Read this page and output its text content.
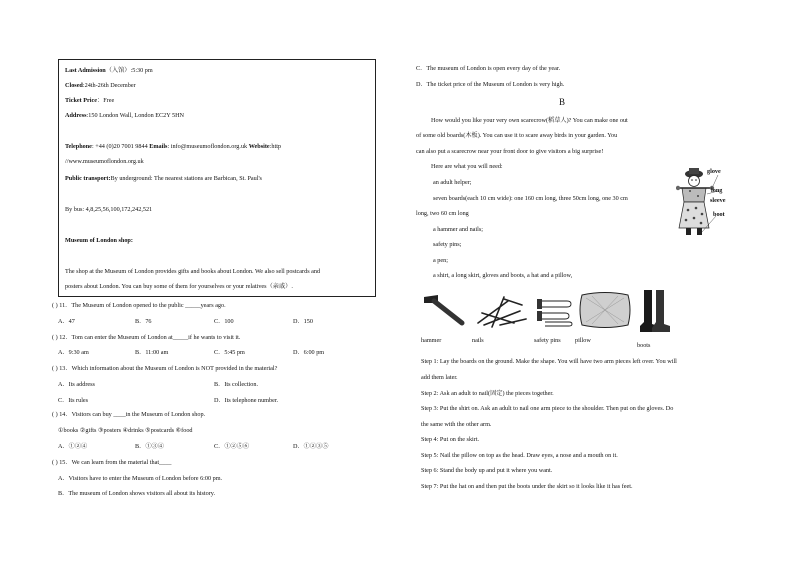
Last Admission（入馆）:5:30 pm
Closed:24th-26th December
Ticket Price：Free
Address:150 London Wall, London EC2Y 5HN
Telephone: +44 (0)20 7001 9844 Emails: info@museumoflondon.org.uk Website:http
//www.museumoflondon.org.uk
Public transport:By underground: The nearest stations are Barbican, St. Paul's
By bus: 4,8,25,56,100,172,242,521
Museum of London shop:
The shop at the Museum of London provides gifts and books about London. We also sell postcards and
posters about London. You can buy some of them for yourselves or your relatives（亲戚）.
( ) 11．The Museum of London opened to the public _____years ago.
A．47	B．76	C．100	D．150
( ) 12．Tom can enter the Museum of London at_____if he wants to visit it.
A．9:30 am	B．11:00 am	C．5:45 pm	D．6:00 pm
( ) 13．Which information about the Museum of London is NOT provided in the material?
A．Its address	B．Its collection.
C．Its rules	D．Its telephone number.
( ) 14．Visitors can buy ____in the Museum of London shop.
①books ②gifts ③posters ④drinks ⑤postcards ⑥food
A．①②④	B．①③④	C．①②⑤⑥	D．①②③⑤
( ) 15．We can learn from the material that____
A．Visitors have to enter the Museum of London before 6:00 pm.
B．The museum of London shows visitors all about its history.
C．The museum of London is open every day of the year.
D．The ticket price of the Museum of London is very high.
B
How would you like your very own scarecrow(稻草人)? You can make one out
of some old boards(木板). You can use it to scare away birds in your garden. You
can also put a scarecrow near your front door to give visitors a big surprise!
Here are what you will need:
an adult helper;
seven boards(each 10 cm wide): one 160 cm long, three 50cm long, one 30 cm
long, two 60 cm long
a hammer and nails;
safety pins;
a pen;
a shirt, a long skirt, gloves and boots, a hat and a pillow,
glove
long
sleeve
boot
hammer	nails	safety pins pillow
boots
Step 1: Lay the boards on the ground. Make the shape. You will have two arm pieces left over. You will
add them later.
Step 2: Ask an adult to nail(固定) the pieces together.
Step 3: Put the shirt on. Ask an adult to nail one arm piece to the shoulder. Then put on the gloves. Do
the same with the other arm.
Step 4: Put on the skirt.
Step 5: Nail the pillow on top as the head. Draw eyes, a nose and a mouth on it.
Step 6: Stand the body up and put it where you want.
Step 7: Put the hat on and then put the boots under the skirt so it looks like it has feet.
